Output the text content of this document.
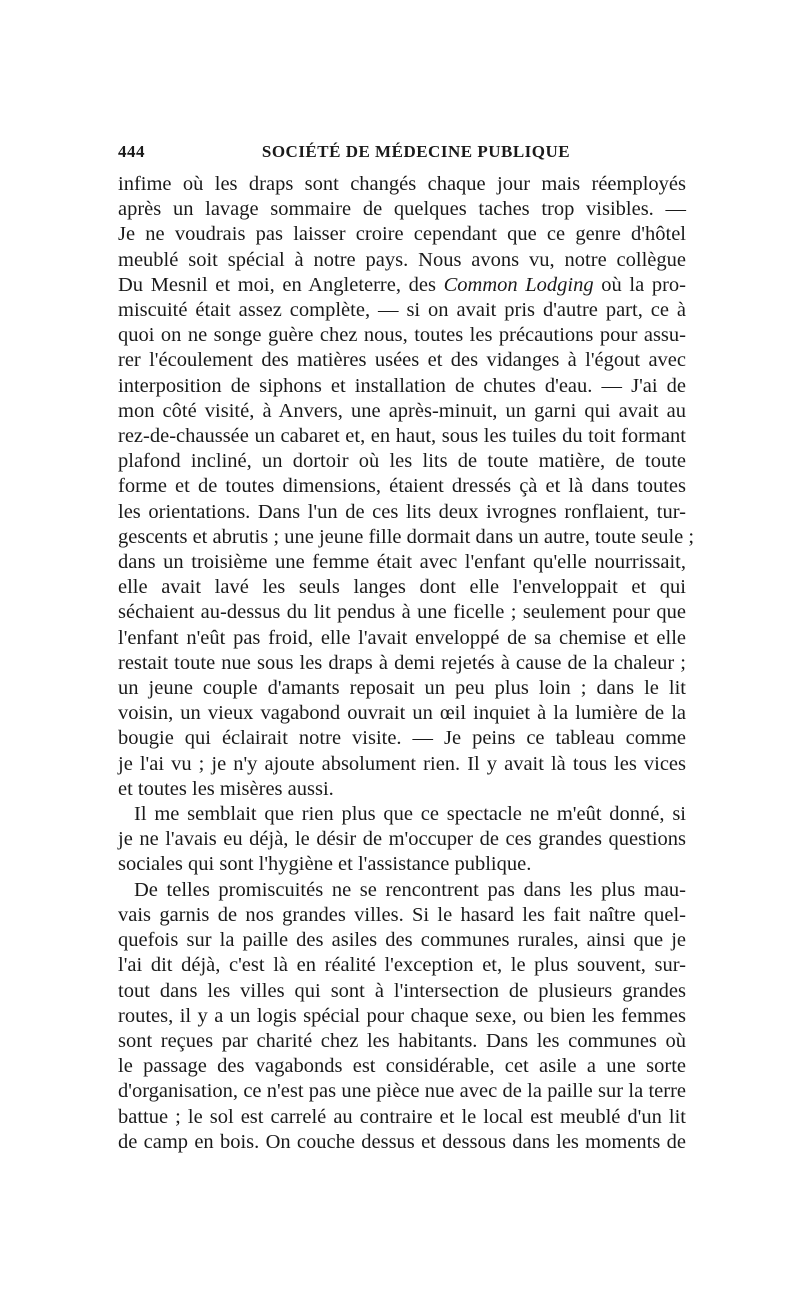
444	SOCIÉTÉ DE MÉDECINE PUBLIQUE

infime où les draps sont changés chaque jour mais réemployés
après un lavage sommaire de quelques taches trop visibles. —
Je ne voudrais pas laisser croire cependant que ce genre d'hôtel
meublé soit spécial à notre pays. Nous avons vu, notre collègue
Du Mesnil et moi, en Angleterre, des Common Lodging où la pro-
miscuité était assez complète, — si on avait pris d'autre part, ce à
quoi on ne songe guère chez nous, toutes les précautions pour assu-
rer l'écoulement des matières usées et des vidanges à l'égout avec
interposition de siphons et installation de chutes d'eau. — J'ai de
mon côté visité, à Anvers, une après-minuit, un garni qui avait au
rez-de-chaussée un cabaret et, en haut, sous les tuiles du toit formant
plafond incliné, un dortoir où les lits de toute matière, de toute
forme et de toutes dimensions, étaient dressés çà et là dans toutes
les orientations. Dans l'un de ces lits deux ivrognes ronflaient, tur-
gescents et abrutis ; une jeune fille dormait dans un autre, toute seule ;
dans un troisième une femme était avec l'enfant qu'elle nourrissait,
elle avait lavé les seuls langes dont elle l'enveloppait et qui
séchaient au-dessus du lit pendus à une ficelle ; seulement pour que
l'enfant n'eût pas froid, elle l'avait enveloppé de sa chemise et elle
restait toute nue sous les draps à demi rejetés à cause de la chaleur ;
un jeune couple d'amants reposait un peu plus loin ; dans le lit
voisin, un vieux vagabond ouvrait un œil inquiet à la lumière de la
bougie qui éclairait notre visite. — Je peins ce tableau comme
je l'ai vu ; je n'y ajoute absolument rien. Il y avait là tous les vices
et toutes les misères aussi.

Il me semblait que rien plus que ce spectacle ne m'eût donné, si
je ne l'avais eu déjà, le désir de m'occuper de ces grandes questions
sociales qui sont l'hygiène et l'assistance publique.

De telles promiscuités ne se rencontrent pas dans les plus mau-
vais garnis de nos grandes villes. Si le hasard les fait naître quel-
quefois sur la paille des asiles des communes rurales, ainsi que je
l'ai dit déjà, c'est là en réalité l'exception et, le plus souvent, sur-
tout dans les villes qui sont à l'intersection de plusieurs grandes
routes, il y a un logis spécial pour chaque sexe, ou bien les femmes
sont reçues par charité chez les habitants. Dans les communes où
le passage des vagabonds est considérable, cet asile a une sorte
d'organisation, ce n'est pas une pièce nue avec de la paille sur la terre
battue ; le sol est carrelé au contraire et le local est meublé d'un lit
de camp en bois. On couche dessus et dessous dans les moments de
